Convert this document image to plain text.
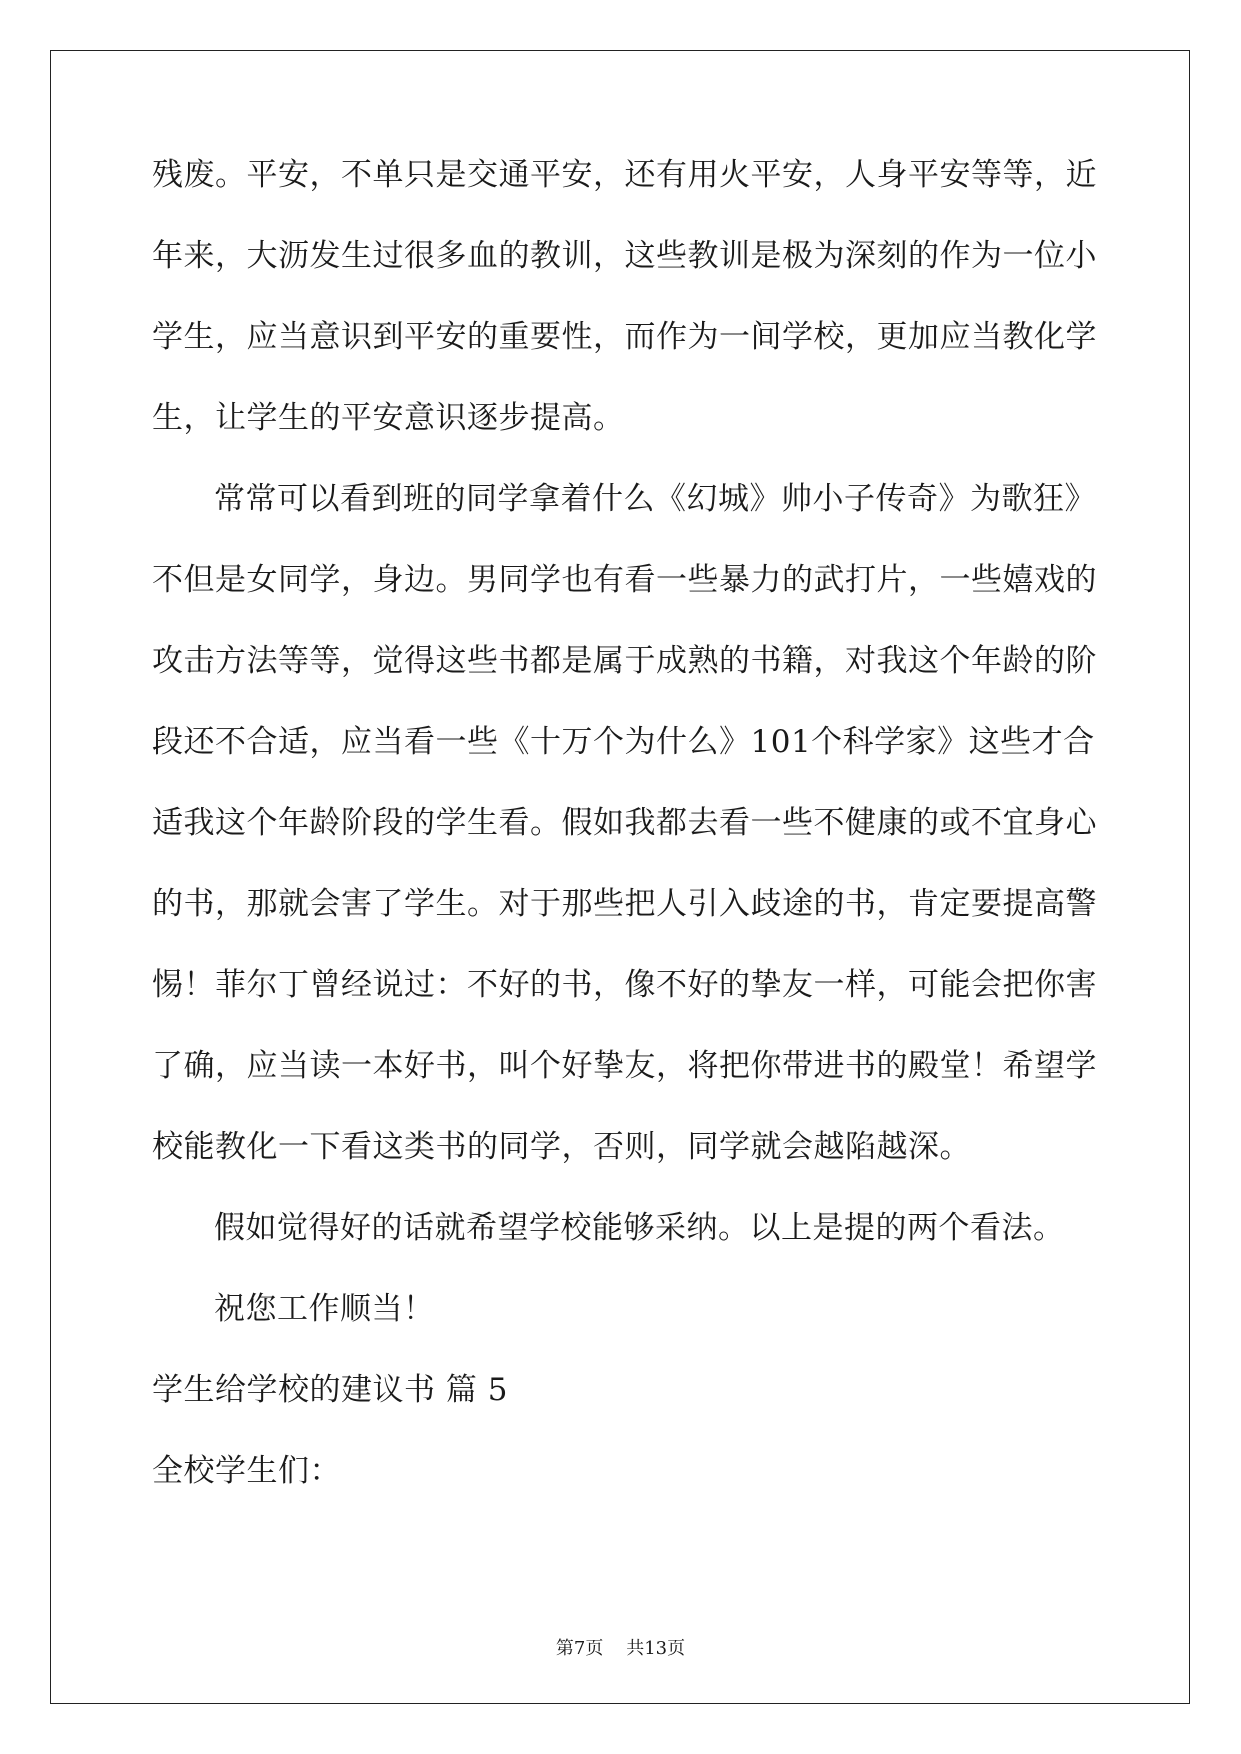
残废。平安，不单只是交通平安，还有用火平安，人身平安等等，近
年来，大沥发生过很多血的教训，这些教训是极为深刻的作为一位小
学生，应当意识到平安的重要性，而作为一间学校，更加应当教化学
生，让学生的平安意识逐步提高。
常常可以看到班的同学拿着什么《幻城》帅小子传奇》为歌狂》
不但是女同学，身边。男同学也有看一些暴力的武打片，一些嬉戏的
攻击方法等等，觉得这些书都是属于成熟的书籍，对我这个年龄的阶
段还不合适，应当看一些《十万个为什么》101个科学家》这些才合
适我这个年龄阶段的学生看。假如我都去看一些不健康的或不宜身心
的书，那就会害了学生。对于那些把人引入歧途的书，肯定要提高警
惕！菲尔丁曾经说过：不好的书，像不好的挚友一样，可能会把你害
了确，应当读一本好书，叫个好挚友，将把你带进书的殿堂！希望学
校能教化一下看这类书的同学，否则，同学就会越陷越深。
假如觉得好的话就希望学校能够采纳。以上是提的两个看法。
祝您工作顺当！
学生给学校的建议书 篇 5
全校学生们：
第7页    共13页
